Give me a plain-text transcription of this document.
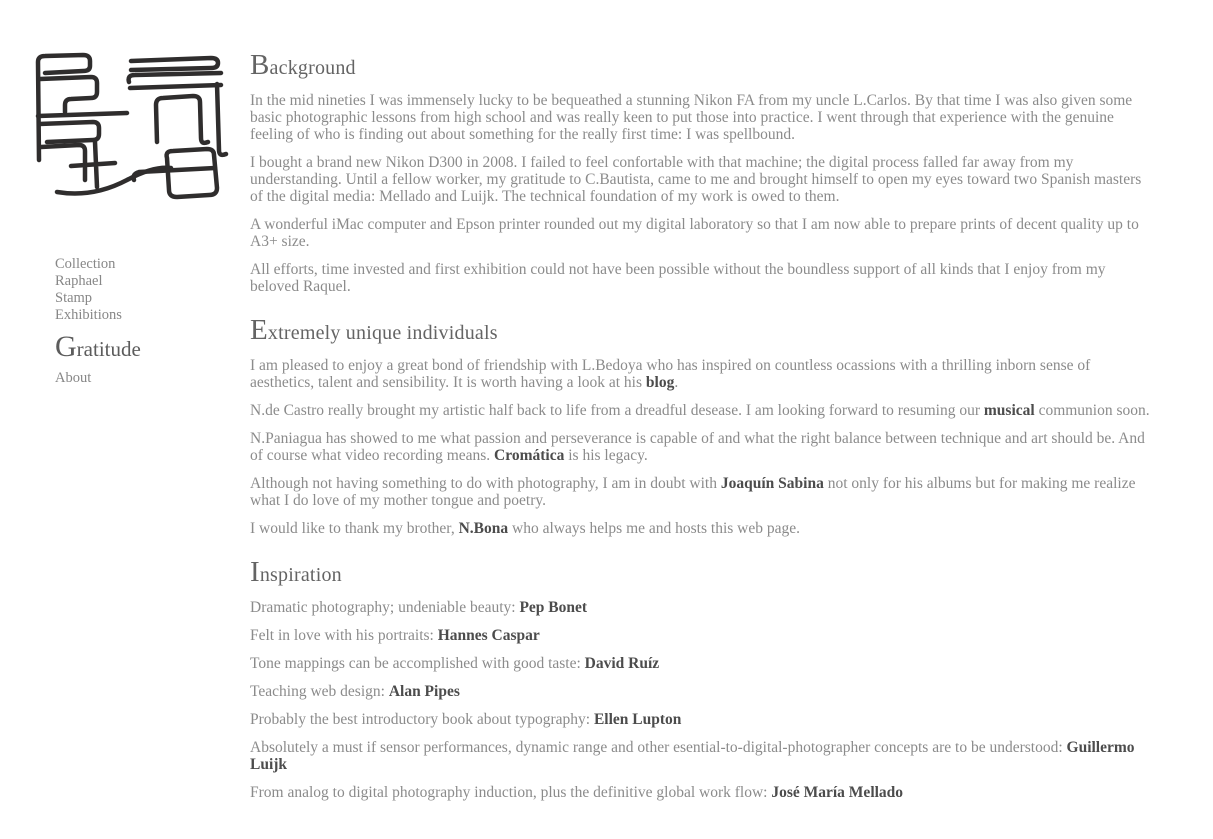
Collection
Raphael
Stamp
Exhibitions
Gratitude
About
Background

In the mid nineties I was immensely lucky to be bequeathed a stunning Nikon FA from my uncle L.Carlos. By that time I was also given some basic photographic lessons from high school and was really keen to put those into practice. I went through that experience with the genuine feeling of who is finding out about something for the really first time: I was spellbound.

I bought a brand new Nikon D300 in 2008. I failed to feel confortable with that machine; the digital process falled far away from my understanding. Until a fellow worker, my gratitude to C.Bautista, came to me and brought himself to open my eyes toward two Spanish masters of the digital media: Mellado and Luijk. The technical foundation of my work is owed to them.

A wonderful iMac computer and Epson printer rounded out my digital laboratory so that I am now able to prepare prints of decent quality up to A3+ size.

All efforts, time invested and first exhibition could not have been possible without the boundless support of all kinds that I enjoy from my beloved Raquel.

Extremely unique individuals

I am pleased to enjoy a great bond of friendship with L.Bedoya who has inspired on countless ocassions with a thrilling inborn sense of aesthetics, talent and sensibility. It is worth having a look at his blog.

N.de Castro really brought my artistic half back to life from a dreadful desease. I am looking forward to resuming our musical communion soon.

N.Paniagua has showed to me what passion and perseverance is capable of and what the right balance between technique and art should be. And of course what video recording means. Cromática is his legacy.

Although not having something to do with photography, I am in doubt with Joaquín Sabina not only for his albums but for making me realize what I do love of my mother tongue and poetry.

I would like to thank my brother, N.Bona who always helps me and hosts this web page.

Inspiration

Dramatic photography; undeniable beauty: Pep Bonet

Felt in love with his portraits: Hannes Caspar

Tone mappings can be accomplished with good taste: David Ruíz

Teaching web design: Alan Pipes

Probably the best introductory book about typography: Ellen Lupton

Absolutely a must if sensor performances, dynamic range and other esential-to-digital-photographer concepts are to be understood: Guillermo Luijk

From analog to digital photography induction, plus the definitive global work flow: José María Mellado
